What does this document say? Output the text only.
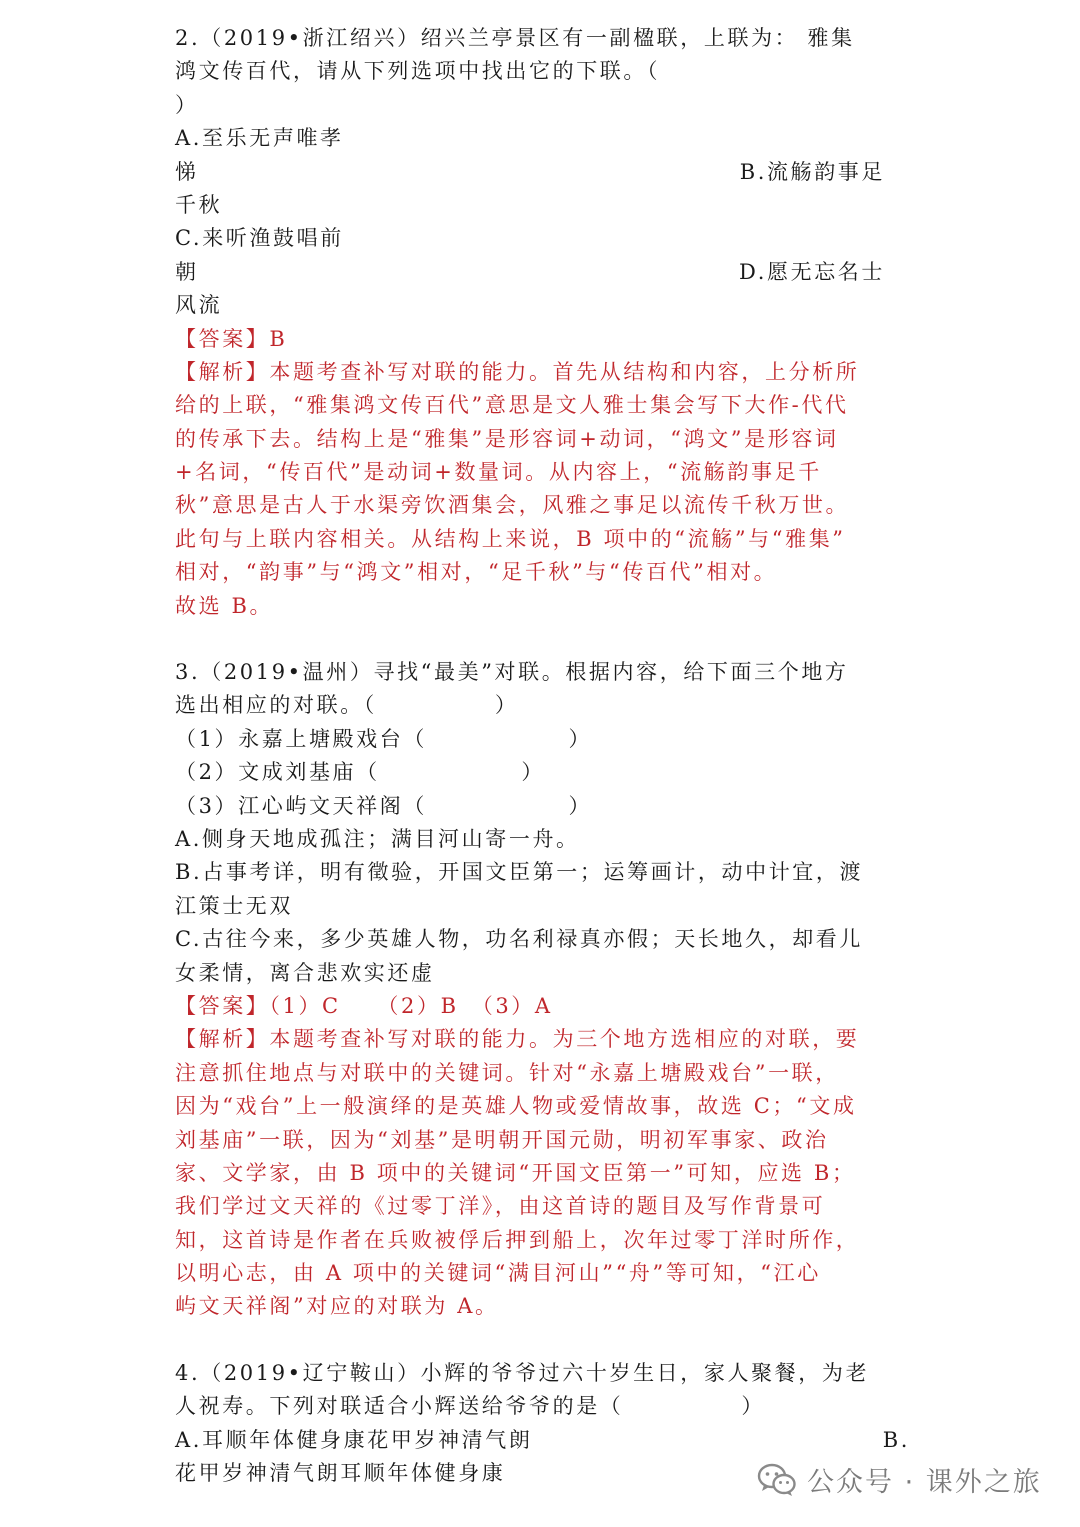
2.（2019•浙江绍兴）绍兴兰亭景区有一副楹联，上联为： 雅集
鸿文传百代，请从下列选项中找出它的下联。（
）
A.至乐无声唯孝
悌	B.流觞韵事足
千秋
C.来听渔鼓唱前
朝	D.愿无忘名士
风流
【答案】B
【解析】本题考查补写对联的能力。首先从结构和内容，上分析所
给的上联，“雅集鸿文传百代”意思是文人雅士集会写下大作-代代
的传承下去。结构上是“雅集”是形容词+动词，“鸿文”是形容词
+名词，“传百代”是动词+数量词。从内容上，“流觞韵事足千
秋”意思是古人于水渠旁饮酒集会，风雅之事足以流传千秋万世。
此句与上联内容相关。从结构上来说，B 项中的“流觞”与“雅集”
相对，“韵事”与“鸿文”相对，“足千秋”与“传百代”相对。
故选 B。
3.（2019•温州）寻找“最美”对联。根据内容，给下面三个地方
选出相应的对联。（　　　　　）
（1）永嘉上塘殿戏台（　　　　　　）
（2）文成刘基庙（　　　　　　）
（3）江心屿文天祥阁（　　　　　　）
A.侧身天地成孤注；满目河山寄一舟。
B.占事考详，明有徵验，开国文臣第一；运筹画计，动中计宜，渡
江策士无双
C.古往今来，多少英雄人物，功名利禄真亦假；天长地久，却看儿
女柔情，离合悲欢实还虚
【答案】（1）C　　（2）B　（3）A
【解析】本题考查补写对联的能力。为三个地方选相应的对联，要
注意抓住地点与对联中的关键词。针对“永嘉上塘殿戏台”一联，
因为“戏台”上一般演绎的是英雄人物或爱情故事，故选 C；“文成
刘基庙”一联，因为“刘基”是明朝开国元勋，明初军事家、政治
家、文学家，由 B 项中的关键词“开国文臣第一”可知，应选 B；
我们学过文天祥的《过零丁洋》，由这首诗的题目及写作背景可
知，这首诗是作者在兵败被俘后押到船上，次年过零丁洋时所作，
以明心志，由 A 项中的关键词“满目河山”“舟”等可知，“江心
屿文天祥阁”对应的对联为 A。
4.（2019•辽宁鞍山）小辉的爷爷过六十岁生日，家人聚餐，为老
人祝寿。下列对联适合小辉送给爷爷的是（　　　　　）
A.耳顺年体健身康花甲岁神清气朗	B.
花甲岁神清气朗耳顺年体健身康	公众号 · 课外之旅
